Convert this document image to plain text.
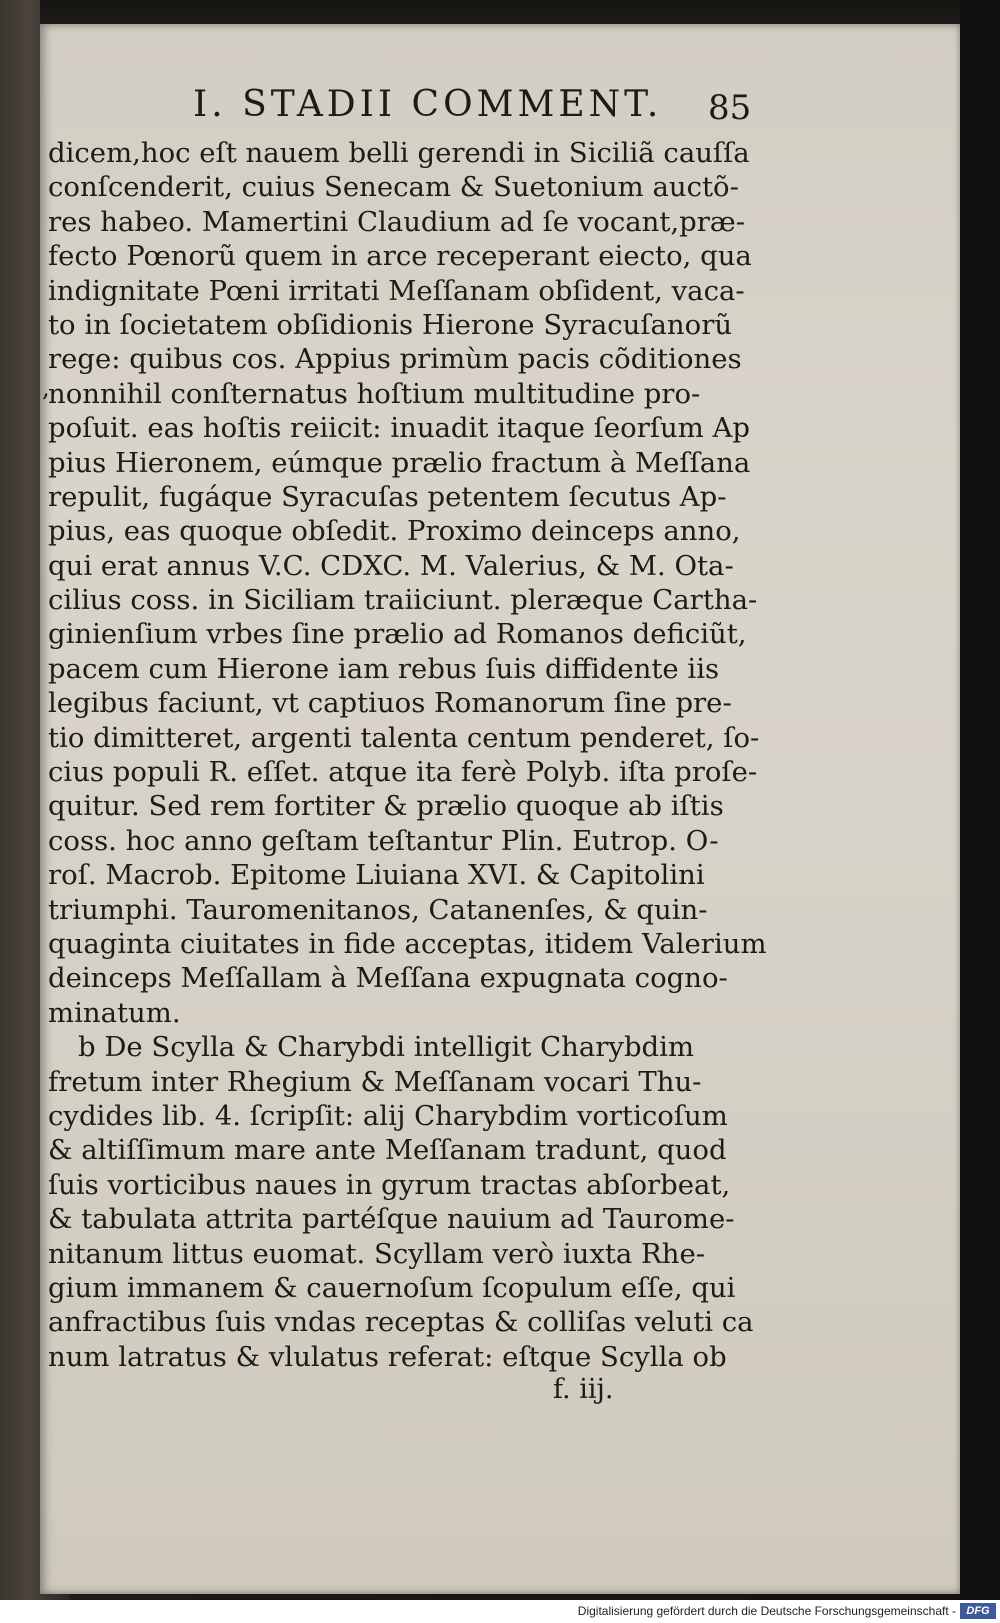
I. STADII COMMENT. 85
,
dicem,hoc eſt nauem belli gerendi in Siciliã cauſſa
conſcenderit, cuius Senecam & Suetonium auctõ-
res habeo. Mamertini Claudium ad ſe vocant,præ-
fecto Pœnorũ quem in arce receperant eiecto, qua
indignitate Pœni irritati Meſſanam obſident, vaca-
to in ſocietatem obſidionis Hierone Syracuſanorũ
rege: quibus cos. Appius primùm pacis cõditiones
nonnihil conſternatus hoſtium multitudine pro-
poſuit. eas hoſtis reiicit: inuadit itaque ſeorſum Ap
pius Hieronem, eúmque prælio fractum à Meſſana
repulit, fugáque Syracuſas petentem ſecutus Ap-
pius, eas quoque obſedit. Proximo deinceps anno,
qui erat annus V.C. CDXC. M. Valerius, & M. Ota-
cilius coss. in Siciliam traiiciunt. pleræque Cartha-
ginienſium vrbes ſine prælio ad Romanos deficiũt,
pacem cum Hierone iam rebus ſuis diffidente iis
legibus faciunt, vt captiuos Romanorum ſine pre-
tio dimitteret, argenti talenta centum penderet, ſo-
cius populi R. eſſet. atque ita ferè Polyb. iſta proſe-
quitur. Sed rem fortiter & prælio quoque ab iſtis
coss. hoc anno geſtam teſtantur Plin. Eutrop. O-
roſ. Macrob. Epitome Liuiana XVI. & Capitolini
triumphi. Tauromenitanos, Catanenſes, & quin-
quaginta ciuitates in fide acceptas, itidem Valerium
deinceps Meſſallam à Meſſana expugnata cogno-
minatum.
b De Scylla & Charybdi intelligit Charybdim
fretum inter Rhegium & Meſſanam vocari Thu-
cydides lib. 4. ſcripſit: alij Charybdim vorticoſum
& altiſſimum mare ante Meſſanam tradunt, quod
ſuis vorticibus naues in gyrum tractas abſorbeat,
& tabulata attrita partéſque nauium ad Taurome-
nitanum littus euomat. Scyllam verò iuxta Rhe-
gium immanem & cauernoſum ſcopulum eſſe, qui
anfractibus ſuis vndas receptas & colliſas veluti ca
num latratus & vlulatus referat: eſtque Scylla ob
f. iij.
Digitalisierung gefördert durch die Deutsche Forschungsgemeinschaft - DFG
